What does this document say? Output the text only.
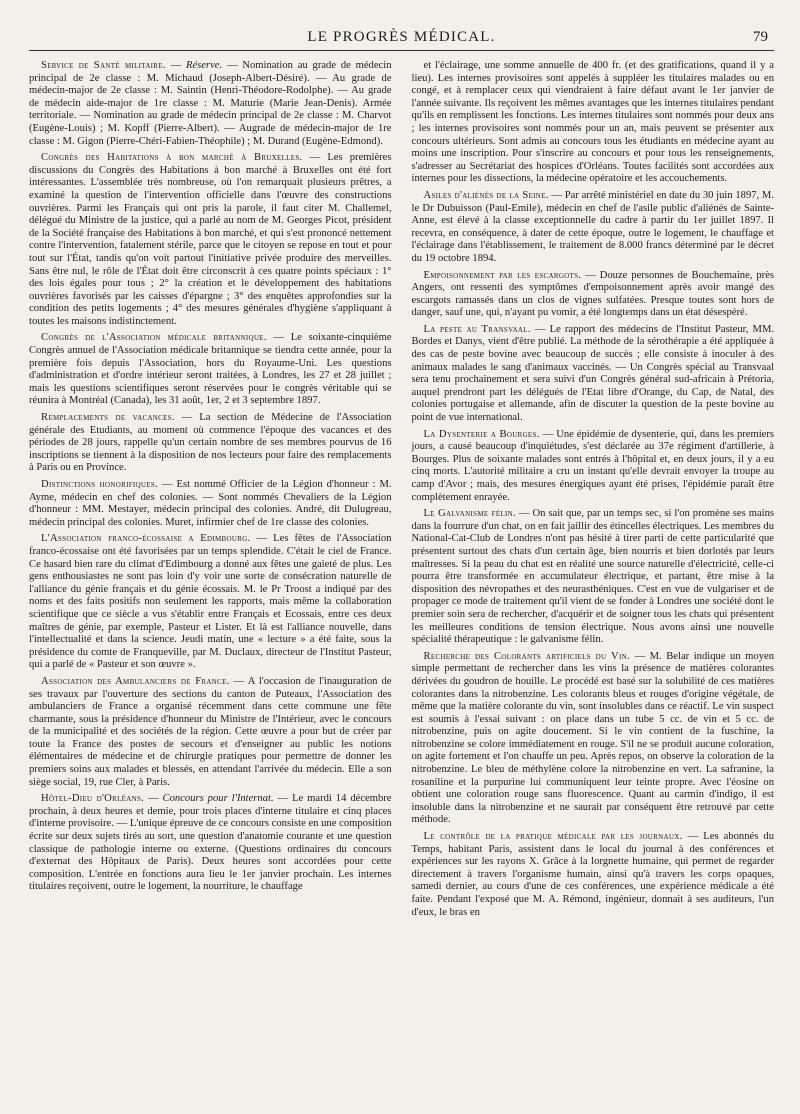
LE PROGRÈS MÉDICAL.	79

Service de Santé militaire. — Réserve. — Nomination au grade de médecin principal de 2e classe : M. Michaud (Joseph-Albert-Désiré). — Au grade de médecin-major de 2e classe : M. Saintin (Henri-Théodore-Rodolphe). — Au grade de médecin aide-major de 1re classe : M. Maturie (Marie Jean-Denis). Armée territoriale. — Nomination au grade de médecin principal de 2e classe : M. Charvot (Eugène-Louis) ; M. Kopff (Pierre-Albert). — Augrade de médecin-major de 1re classe : M. Gigon (Pierre-Chéri-Fabien-Théophile) ; M. Durand (Eugène-Edmond).

Congrès des Habitations à bon marché à Bruxelles. — Les premières discussions du Congrès des Habitations à bon marché à Bruxelles ont été fort intéressantes. L'assemblée très nombreuse, où l'on remarquait plusieurs prêtres, a examiné la question de l'intervention officielle dans l'œuvre des constructions ouvrières. Parmi les Français qui ont pris la parole, il faut citer M. Challemel, délégué du Ministre de la justice, qui a parlé au nom de M. Georges Picot, président de la Société française des Habitations à bon marché, et qui s'est prononcé nettement contre l'intervention, fatalement stérile, parce que le citoyen se repose en tout et pour tout sur l'État, tandis qu'on voit partout l'initiative privée produire des merveilles. Sans être nul, le rôle de l'État doit être circonscrit à ces quatre points spéciaux : 1° des lois égales pour tous ; 2° la création et le développement des habitations ouvrières favorisés par les caisses d'épargne ; 3° des enquêtes approfondies sur la condition des petits logements ; 4° des mesures générales d'hygiène s'appliquant à toutes les maisons indistinctement.

Congrès de l'Association médicale britannique. — Le soixante-cinquième Congrès annuel de l'Association médicale britannique se tiendra cette année, pour la première fois depuis l'Association, hors du Royaume-Uni. Les questions d'administration et d'ordre intérieur seront traitées, à Londres, les 27 et 28 juillet ; mais les questions scientifiques seront réservées pour le congrès véritable qui se réunira à Montréal (Canada), les 31 août, 1er, 2 et 3 septembre 1897.

Remplacements de vacances. — La section de Médecine de l'Association générale des Etudiants, au moment où commence l'époque des vacances et des périodes de 28 jours, rappelle qu'un certain nombre de ses membres pourvus de 16 inscriptions se tiennent à la disposition de nos lecteurs pour faire des remplacements à Paris ou en Province.

Distinctions honorifiques. — Est nommé Officier de la Légion d'honneur : M. Ayme, médecin en chef des colonies. — Sont nommés Chevaliers de la Légion d'honneur : MM. Mestayer, médecin principal des colonies. André, dit Dulugreau, médecin principal des colonies. Muret, infirmier chef de 1re classe des colonies.

L'Association franco-écossaise a Edimbourg. — Les fêtes de l'Association franco-écossaise ont été favorisées par un temps splendide. C'était le ciel de France. Ce hasard bien rare du climat d'Edimbourg a donné aux fêtes une gaieté de plus. Les gens enthousiastes ne sont pas loin d'y voir une sorte de consécration naturelle de l'alliance du génie français et du génie écossais. M. le Pr Troost a indiqué par des noms et des faits positifs non seulement les rapports, mais même la collaboration scientifique que ce siècle a vus s'établir entre Français et Ecossais, entre ces deux maîtres de génie, par exemple, Pasteur et Lister. Et là est l'alliance nouvelle, dans l'intellectualité et dans la science. Jeudi matin, une « lecture » a été faite, sous la présidence du comte de Franqueville, par M. Duclaux, directeur de l'Institut Pasteur, qui a parlé de « Pasteur et son œuvre ».

Association des Ambulanciers de France. — A l'occasion de l'inauguration de ses travaux par l'ouverture des sections du canton de Puteaux, l'Association des ambulanciers de France a organisé récemment dans cette commune une fête charmante, sous la présidence d'honneur du Ministre de l'Intérieur, avec le concours de la municipalité et des sociétés de la région. Cette œuvre a pour but de créer par toute la France des postes de secours et d'enseigner au public les notions élémentaires de médecine et de chirurgie pratiques pour permettre de donner les premiers soins aux malades et blessés, en attendant l'arrivée du médecin. Elle a son siège social, 19, rue Cler, à Paris.

Hôtel-Dieu d'Orléans. — Concours pour l'Internat. — Le mardi 14 décembre prochain, à deux heures et demie, pour trois places d'interne titulaire et cinq places d'interne provisoire. — L'unique épreuve de ce concours consiste en une composition écrite sur deux sujets tirés au sort, une question d'anatomie courante et une question classique de pathologie interne ou externe. (Questions ordinaires du concours d'externat des Hôpitaux de Paris). Deux heures sont accordées pour cette composition. L'entrée en fonctions aura lieu le 1er janvier prochain. Les internes titulaires reçoivent, outre le logement, la nourriture, le chauffage

et l'éclairage, une somme annuelle de 400 fr. (et des gratifications, quand il y a lieu). Les internes provisoires sont appelés à suppléer les titulaires malades ou en congé, et à remplacer ceux qui viendraient à faire défaut avant le 1er janvier de l'année suivante. Ils reçoivent les mêmes avantages que les internes titulaires pendant qu'ils en remplissent les fonctions. Les internes titulaires sont nommés pour deux ans ; les internes provisoires sont nommés pour un an, mais peuvent se présenter aux concours ultérieurs. Sont admis au concours tous les étudiants en médecine ayant au moins une inscription. Pour s'inscrire au concours et pour tous les renseignements, s'adresser au Secrétariat des hospices d'Orléans. Toutes facilités sont accordées aux internes pour les dissections, la médecine opératoire et les accouchements.

Asiles d'aliénés de la Seine. — Par arrêté ministériel en date du 30 juin 1897, M. le Dr Dubuisson (Paul-Emile), médecin en chef de l'asile public d'aliénés de Sainte-Anne, est élevé à la classe exceptionnelle du cadre à partir du 1er juillet 1897. Il recevra, en conséquence, à dater de cette époque, outre le logement, le chauffage et l'éclairage dans l'établissement, le traitement de 8.000 francs déterminé par le décret du 19 octobre 1894.

Empoisonnement par les escargots. — Douze personnes de Bouchemaine, près Angers, ont ressenti des symptômes d'empoisonnement après avoir mangé des escargots ramassés dans un clos de vignes sulfatées. Presque toutes sont hors de danger, sauf une, qui, n'ayant pu vomir, a été longtemps dans un état désespéré.

La peste au Transvaal. — Le rapport des médecins de l'Institut Pasteur, MM. Bordes et Danys, vient d'être publié. La méthode de la sérothérapie a été appliquée à des cas de peste bovine avec beaucoup de succès ; elle consiste à inoculer à des animaux malades le sang d'animaux vaccinés. — Un Congrès spécial au Transvaal sera tenu prochainement et sera suivi d'un Congrès général sud-africain à Prétoria, auquel prendront part les délégués de l'Etat libre d'Orange, du Cap, de Natal, des colonies portugaise et allemande, afin de discuter la question de la peste bovine au point de vue international.

La Dysenterie a Bourges. — Une épidémie de dysenterie, qui, dans les premiers jours, a causé beaucoup d'inquiétudes, s'est déclarée au 37e régiment d'artillerie, à Bourges. Plus de soixante malades sont entrés à l'hôpital et, en deux jours, il y a eu cinq morts. L'autorité militaire a cru un instant qu'elle devrait envoyer la troupe au camp d'Avor ; mais, des mesures énergiques ayant été prises, l'épidémie paraît être complètement enrayée.

Le Galvanisme félin. — On sait que, par un temps sec, si l'on promène ses mains dans la fourrure d'un chat, on en fait jaillir des étincelles électriques. Les membres du National-Cat-Club de Londres n'ont pas hésité à tirer parti de cette particularité que présentent surtout des chats d'un certain âge, bien nourris et bien dorlotés par leurs maîtresses. Si la peau du chat est en réalité une source naturelle d'électricité, celle-ci pourra être transformée en accumulateur électrique, et partant, être mise à la disposition des névropathes et des neurasthéniques. C'est en vue de vulgariser et de propager ce mode de traitement qu'il vient de se fonder à Londres une société dont le premier soin sera de rechercher, d'acquérir et de soigner tous les chats qui présentent les meilleures conditions de tension électrique. Nous avons ainsi une nouvelle spécialité thérapeutique : le galvanisme félin.

Recherche des Colorants artificiels du Vin. — M. Belar indique un moyen simple permettant de rechercher dans les vins la présence de matières colorantes dérivées du goudron de houille. Le procédé est basé sur la solubilité de ces matières colorantes dans la nitrobenzine. Les colorants bleus et rouges d'origine végétale, de même que la matière colorante du vin, sont insolubles dans ce réactif. Le vin suspect est soumis à l'essai suivant : on place dans un tube 5 cc. de vin et 5 cc. de nitrobenzine, puis on agite doucement. Si le vin contient de la fuschine, la nitrobenzine se colore immédiatement en rouge. S'il ne se produit aucune coloration, on agite fortement et l'on chauffe un peu. Après repos, on observe la coloration de la nitrobenzine. Le bleu de méthylène colore la nitrobenzine en vert. La safranine, la rosaniline et la purpurine lui communiquent leur teinte propre. Avec l'éosine on obtient une coloration rouge sans fluorescence. Quant au carmin d'indigo, il est insoluble dans la nitrobenzine et ne saurait par conséquent être retrouvé par cette méthode.

Le contrôle de la pratique médicale par les journaux. — Les abonnés du Temps, habitant Paris, assistent dans le local du journal à des conférences et expériences sur les rayons X. Grâce à la lorgnette humaine, qui permet de regarder directement à travers l'organisme humain, ainsi qu'à travers les corps opaques, samedi dernier, au cours d'une de ces conférences, une expérience médicale a été faite. Pendant l'exposé que M. A. Rémond, ingénieur, donnait à ses auditeurs, l'un d'eux, le bras en
